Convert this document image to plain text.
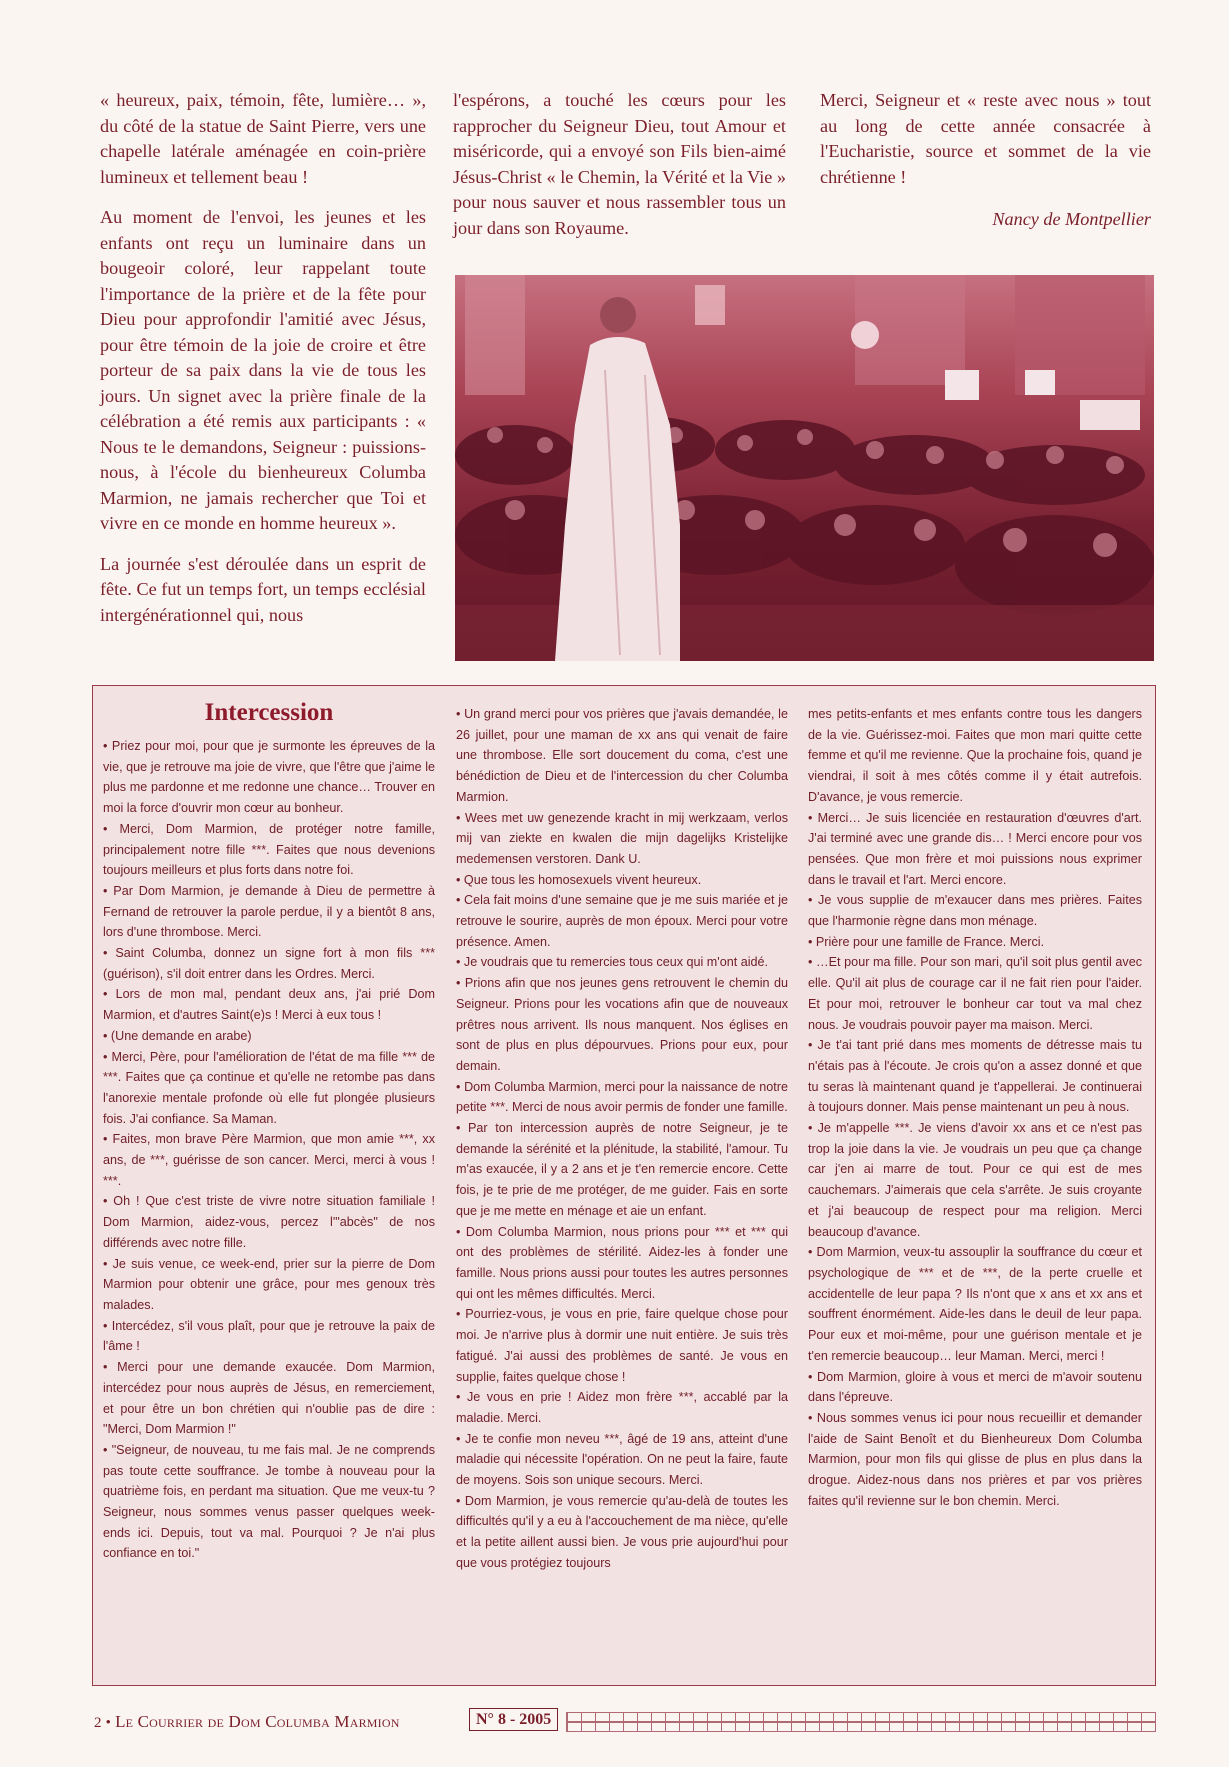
« heureux, paix, témoin, fête, lumière… », du côté de la statue de Saint Pierre, vers une chapelle latérale aménagée en coin-prière lumineux et tellement beau !

Au moment de l'envoi, les jeunes et les enfants ont reçu un luminaire dans un bougeoir coloré, leur rappelant toute l'importance de la prière et de la fête pour Dieu pour approfondir l'amitié avec Jésus, pour être témoin de la joie de croire et être porteur de sa paix dans la vie de tous les jours. Un signet avec la prière finale de la célébration a été remis aux participants : « Nous te le demandons, Seigneur : puissions-nous, à l'école du bienheureux Columba Marmion, ne jamais rechercher que Toi et vivre en ce monde en homme heureux ».

La journée s'est déroulée dans un esprit de fête. Ce fut un temps fort, un temps ecclésial intergénérationnel qui, nous

l'espérons, a touché les cœurs pour les rapprocher du Seigneur Dieu, tout Amour et miséricorde, qui a envoyé son Fils bien-aimé Jésus-Christ « le Chemin, la Vérité et la Vie » pour nous sauver et nous rassembler tous un jour dans son Royaume.

Merci, Seigneur et « reste avec nous » tout au long de cette année consacrée à l'Eucharistie, source et sommet de la vie chrétienne !

Nancy de Montpellier
Intercession

• Priez pour moi, pour que je surmonte les épreuves de la vie, que je retrouve ma joie de vivre, que l'être que j'aime le plus me pardonne et me redonne une chance… Trouver en moi la force d'ouvrir mon cœur au bonheur.

• Merci, Dom Marmion, de protéger notre famille, principalement notre fille ***. Faites que nous devenions toujours meilleurs et plus forts dans notre foi.

• Par Dom Marmion, je demande à Dieu de permettre à Fernand de retrouver la parole perdue, il y a bientôt 8 ans, lors d'une thrombose. Merci.

• Saint Columba, donnez un signe fort à mon fils *** (guérison), s'il doit entrer dans les Ordres. Merci.

• Lors de mon mal, pendant deux ans, j'ai prié Dom Marmion, et d'autres Saint(e)s ! Merci à eux tous !

• (Une demande en arabe)

• Merci, Père, pour l'amélioration de l'état de ma fille *** de ***. Faites que ça continue et qu'elle ne retombe pas dans l'anorexie mentale profonde où elle fut plongée plusieurs fois. J'ai confiance. Sa Maman.

• Faites, mon brave Père Marmion, que mon amie ***, xx ans, de ***, guérisse de son cancer. Merci, merci à vous ! ***.

• Oh ! Que c'est triste de vivre notre situation familiale ! Dom Marmion, aidez-vous, percez l'"abcès" de nos différends avec notre fille.

• Je suis venue, ce week-end, prier sur la pierre de Dom Marmion pour obtenir une grâce, pour mes genoux très malades.

• Intercédez, s'il vous plaît, pour que je retrouve la paix de l'âme !

• Merci pour une demande exaucée. Dom Marmion, intercédez pour nous auprès de Jésus, en remerciement, et pour être un bon chrétien qui n'oublie pas de dire : "Merci, Dom Marmion !"

• "Seigneur, de nouveau, tu me fais mal. Je ne comprends pas toute cette souffrance. Je tombe à nouveau pour la quatrième fois, en perdant ma situation. Que me veux-tu ? Seigneur, nous sommes venus passer quelques week-ends ici. Depuis, tout va mal. Pourquoi ? Je n'ai plus confiance en toi."

• Un grand merci pour vos prières que j'avais demandée, le 26 juillet, pour une maman de xx ans qui venait de faire une thrombose. Elle sort doucement du coma, c'est une bénédiction de Dieu et de l'intercession du cher Columba Marmion.

• Wees met uw genezende kracht in mij werkzaam, verlos mij van ziekte en kwalen die mijn dagelijks Kristelijke medemensen verstoren. Dank U.

• Que tous les homosexuels vivent heureux.

• Cela fait moins d'une semaine que je me suis mariée et je retrouve le sourire, auprès de mon époux. Merci pour votre présence. Amen.

• Je voudrais que tu remercies tous ceux qui m'ont aidé.

• Prions afin que nos jeunes gens retrouvent le chemin du Seigneur. Prions pour les vocations afin que de nouveaux prêtres nous arrivent. Ils nous manquent. Nos églises en sont de plus en plus dépourvues. Prions pour eux, pour demain.

• Dom Columba Marmion, merci pour la naissance de notre petite ***. Merci de nous avoir permis de fonder une famille.

• Par ton intercession auprès de notre Seigneur, je te demande la sérénité et la plénitude, la stabilité, l'amour. Tu m'as exaucée, il y a 2 ans et je t'en remercie encore. Cette fois, je te prie de me protéger, de me guider. Fais en sorte que je me mette en ménage et aie un enfant.

• Dom Columba Marmion, nous prions pour *** et *** qui ont des problèmes de stérilité. Aidez-les à fonder une famille. Nous prions aussi pour toutes les autres personnes qui ont les mêmes difficultés. Merci.

• Pourriez-vous, je vous en prie, faire quelque chose pour moi. Je n'arrive plus à dormir une nuit entière. Je suis très fatigué. J'ai aussi des problèmes de santé. Je vous en supplie, faites quelque chose !

• Je vous en prie ! Aidez mon frère ***, accablé par la maladie. Merci.

• Je te confie mon neveu ***, âgé de 19 ans, atteint d'une maladie qui nécessite l'opération. On ne peut la faire, faute de moyens. Sois son unique secours. Merci.

• Dom Marmion, je vous remercie qu'au-delà de toutes les difficultés qu'il y a eu à l'accouchement de ma nièce, qu'elle et la petite aillent aussi bien. Je vous prie aujourd'hui pour que vous protégiez toujours

mes petits-enfants et mes enfants contre tous les dangers de la vie. Guérissez-moi. Faites que mon mari quitte cette femme et qu'il me revienne. Que la prochaine fois, quand je viendrai, il soit à mes côtés comme il y était autrefois. D'avance, je vous remercie.

• Merci… Je suis licenciée en restauration d'œuvres d'art. J'ai terminé avec une grande dis… ! Merci encore pour vos pensées. Que mon frère et moi puissions nous exprimer dans le travail et l'art. Merci encore.

• Je vous supplie de m'exaucer dans mes prières. Faites que l'harmonie règne dans mon ménage.

• Prière pour une famille de France. Merci.

• …Et pour ma fille. Pour son mari, qu'il soit plus gentil avec elle. Qu'il ait plus de courage car il ne fait rien pour l'aider. Et pour moi, retrouver le bonheur car tout va mal chez nous. Je voudrais pouvoir payer ma maison. Merci.

• Je t'ai tant prié dans mes moments de détresse mais tu n'étais pas à l'écoute. Je crois qu'on a assez donné et que tu seras là maintenant quand je t'appellerai. Je continuerai à toujours donner. Mais pense maintenant un peu à nous.

• Je m'appelle ***. Je viens d'avoir xx ans et ce n'est pas trop la joie dans la vie. Je voudrais un peu que ça change car j'en ai marre de tout. Pour ce qui est de mes cauchemars. J'aimerais que cela s'arrête. Je suis croyante et j'ai beaucoup de respect pour ma religion. Merci beaucoup d'avance.

• Dom Marmion, veux-tu assouplir la souffrance du cœur et psychologique de *** et de ***, de la perte cruelle et accidentelle de leur papa ? Ils n'ont que x ans et xx ans et souffrent énormément. Aide-les dans le deuil de leur papa. Pour eux et moi-même, pour une guérison mentale et je t'en remercie beaucoup… leur Maman. Merci, merci !

• Dom Marmion, gloire à vous et merci de m'avoir soutenu dans l'épreuve.

• Nous sommes venus ici pour nous recueillir et demander l'aide de Saint Benoît et du Bienheureux Dom Columba Marmion, pour mon fils qui glisse de plus en plus dans la drogue. Aidez-nous dans nos prières et par vos prières faites qu'il revienne sur le bon chemin. Merci.

2 • Le Courrier de Dom Columba Marmion	N° 8 - 2005
